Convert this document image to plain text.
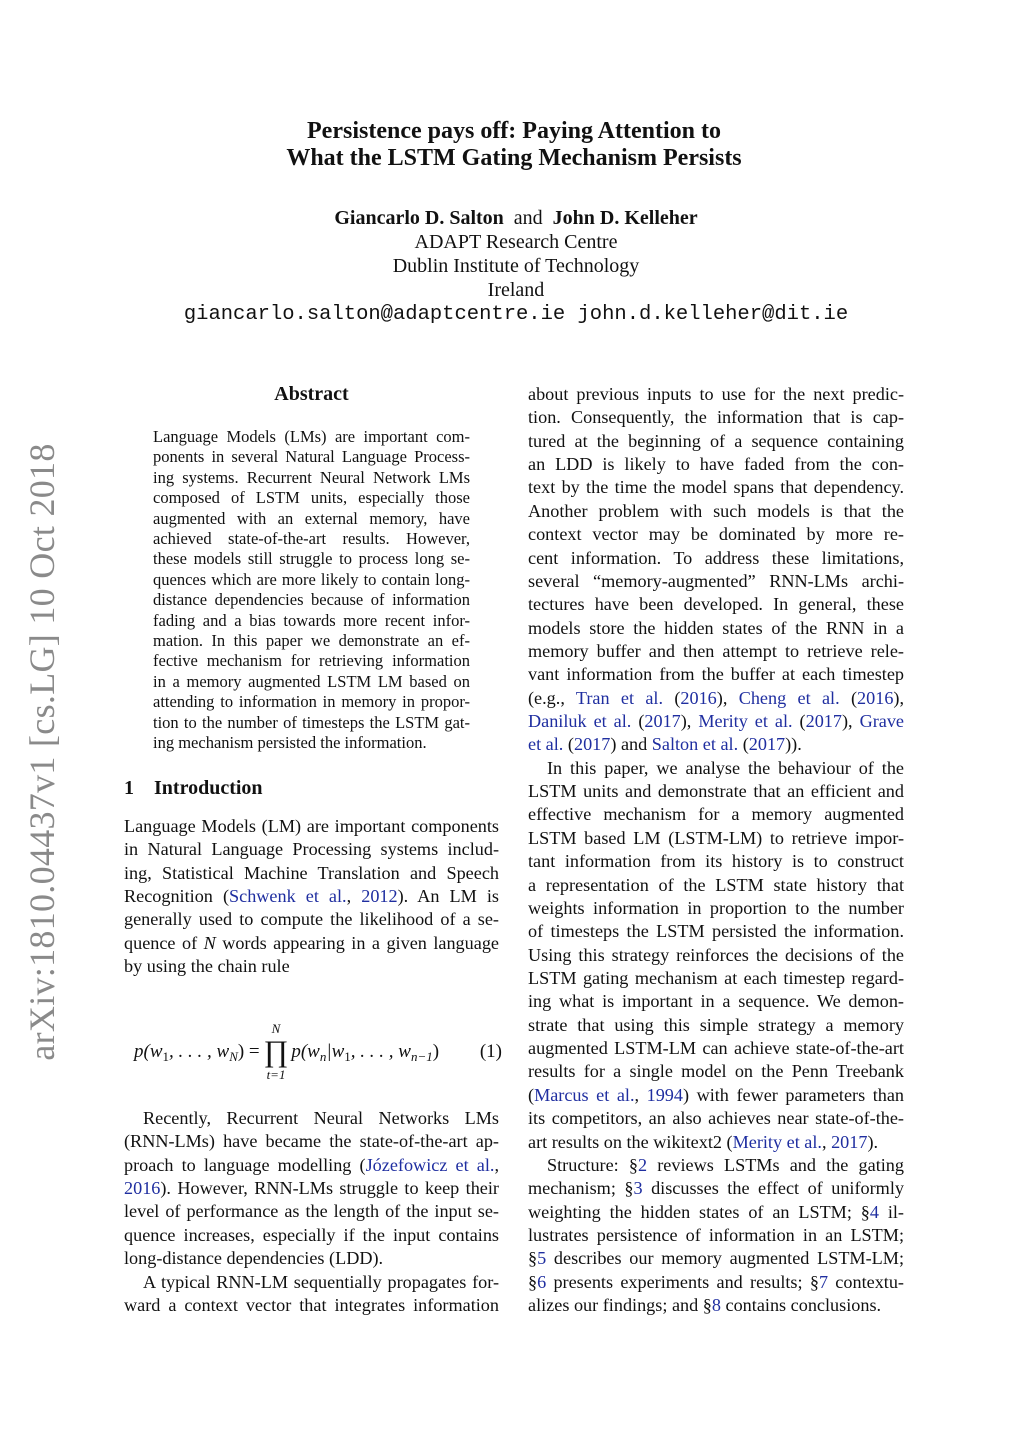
arXiv:1810.04437v1 [cs.LG] 10 Oct 2018
Persistence pays off: Paying Attention to
What the LSTM Gating Mechanism Persists
Giancarlo D. Salton and John D. Kelleher
ADAPT Research Centre
Dublin Institute of Technology
Ireland
giancarlo.salton@adaptcentre.ie john.d.kelleher@dit.ie
Abstract
Language Models (LMs) are important com-
ponents in several Natural Language Process-
ing systems. Recurrent Neural Network LMs
composed of LSTM units, especially those
augmented with an external memory, have
achieved state-of-the-art results. However,
these models still struggle to process long se-
quences which are more likely to contain long-
distance dependencies because of information
fading and a bias towards more recent infor-
mation. In this paper we demonstrate an ef-
fective mechanism for retrieving information
in a memory augmented LSTM LM based on
attending to information in memory in propor-
tion to the number of timesteps the LSTM gat-
ing mechanism persisted the information.
1 Introduction
Language Models (LM) are important components
in Natural Language Processing systems includ-
ing, Statistical Machine Translation and Speech
Recognition (Schwenk et al., 2012). An LM is
generally used to compute the likelihood of a se-
quence of N words appearing in a given language
by using the chain rule
$p(w_1$, . . . , $w_N$) =
N
∏
t=1
$p(w_n|w_1$, . . . , $w_{n-1}$) (1)
Recently, Recurrent Neural Networks LMs
(RNN-LMs) have became the state-of-the-art ap-
proach to language modelling (Józefowicz et al.,
2016). However, RNN-LMs struggle to keep their
level of performance as the length of the input se-
quence increases, especially if the input contains
long-distance dependencies (LDD).
A typical RNN-LM sequentially propagates for-
ward a context vector that integrates information
about previous inputs to use for the next predic-
tion. Consequently, the information that is cap-
tured at the beginning of a sequence containing
an LDD is likely to have faded from the con-
text by the time the model spans that dependency.
Another problem with such models is that the
context vector may be dominated by more re-
cent information. To address these limitations,
several “memory-augmented” RNN-LMs archi-
tectures have been developed. In general, these
models store the hidden states of the RNN in a
memory buffer and then attempt to retrieve rele-
vant information from the buffer at each timestep
(e.g., Tran et al. (2016), Cheng et al. (2016),
Daniluk et al. (2017), Merity et al. (2017), Grave
et al. (2017) and Salton et al. (2017)).
In this paper, we analyse the behaviour of the
LSTM units and demonstrate that an efficient and
effective mechanism for a memory augmented
LSTM based LM (LSTM-LM) to retrieve impor-
tant information from its history is to construct
a representation of the LSTM state history that
weights information in proportion to the number
of timesteps the LSTM persisted the information.
Using this strategy reinforces the decisions of the
LSTM gating mechanism at each timestep regard-
ing what is important in a sequence. We demon-
strate that using this simple strategy a memory
augmented LSTM-LM can achieve state-of-the-art
results for a single model on the Penn Treebank
(Marcus et al., 1994) with fewer parameters than
its competitors, an also achieves near state-of-the-
art results on the wikitext2 (Merity et al., 2017).
Structure: §2 reviews LSTMs and the gating
mechanism; §3 discusses the effect of uniformly
weighting the hidden states of an LSTM; §4 il-
lustrates persistence of information in an LSTM;
§5 describes our memory augmented LSTM-LM;
§6 presents experiments and results; §7 contextu-
alizes our findings; and §8 contains conclusions.
